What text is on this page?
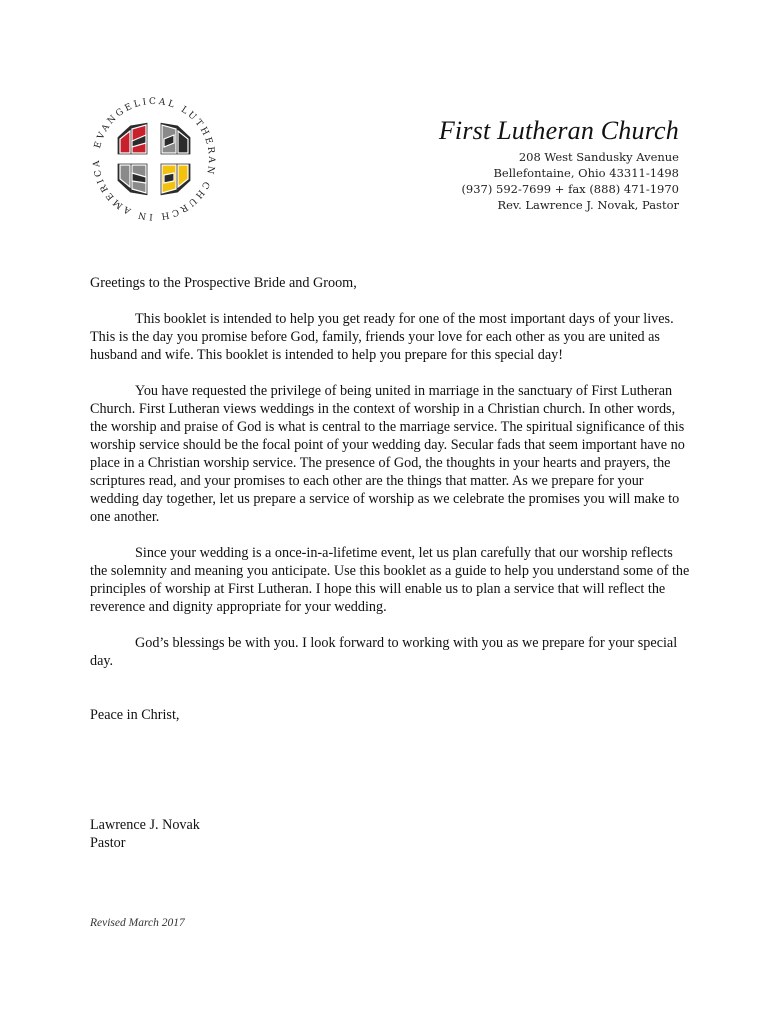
EVANGELICAL LUTHERAN CHURCH IN AMERICA
First Lutheran Church
208 West Sandusky Avenue
Bellefontaine, Ohio 43311-1498
(937) 592-7699 + fax (888) 471-1970
Rev. Lawrence J. Novak, Pastor

Greetings to the Prospective Bride and Groom,

This booklet is intended to help you get ready for one of the most important days of your lives. This is the day you promise before God, family, friends your love for each other as you are united as husband and wife. This booklet is intended to help you prepare for this special day!

You have requested the privilege of being united in marriage in the sanctuary of First Lutheran Church. First Lutheran views weddings in the context of worship in a Christian church. In other words, the worship and praise of God is what is central to the marriage service. The spiritual significance of this worship service should be the focal point of your wedding day. Secular fads that seem important have no place in a Christian worship service. The presence of God, the thoughts in your hearts and prayers, the scriptures read, and your promises to each other are the things that matter. As we prepare for your wedding day together, let us prepare a service of worship as we celebrate the promises you will make to one another.

Since your wedding is a once-in-a-lifetime event, let us plan carefully that our worship reflects the solemnity and meaning you anticipate. Use this booklet as a guide to help you understand some of the principles of worship at First Lutheran. I hope this will enable us to plan a service that will reflect the reverence and dignity appropriate for your wedding.

God’s blessings be with you. I look forward to working with you as we prepare for your special day.

Peace in Christ,

Lawrence J. Novak

Pastor

Revised March 2017
